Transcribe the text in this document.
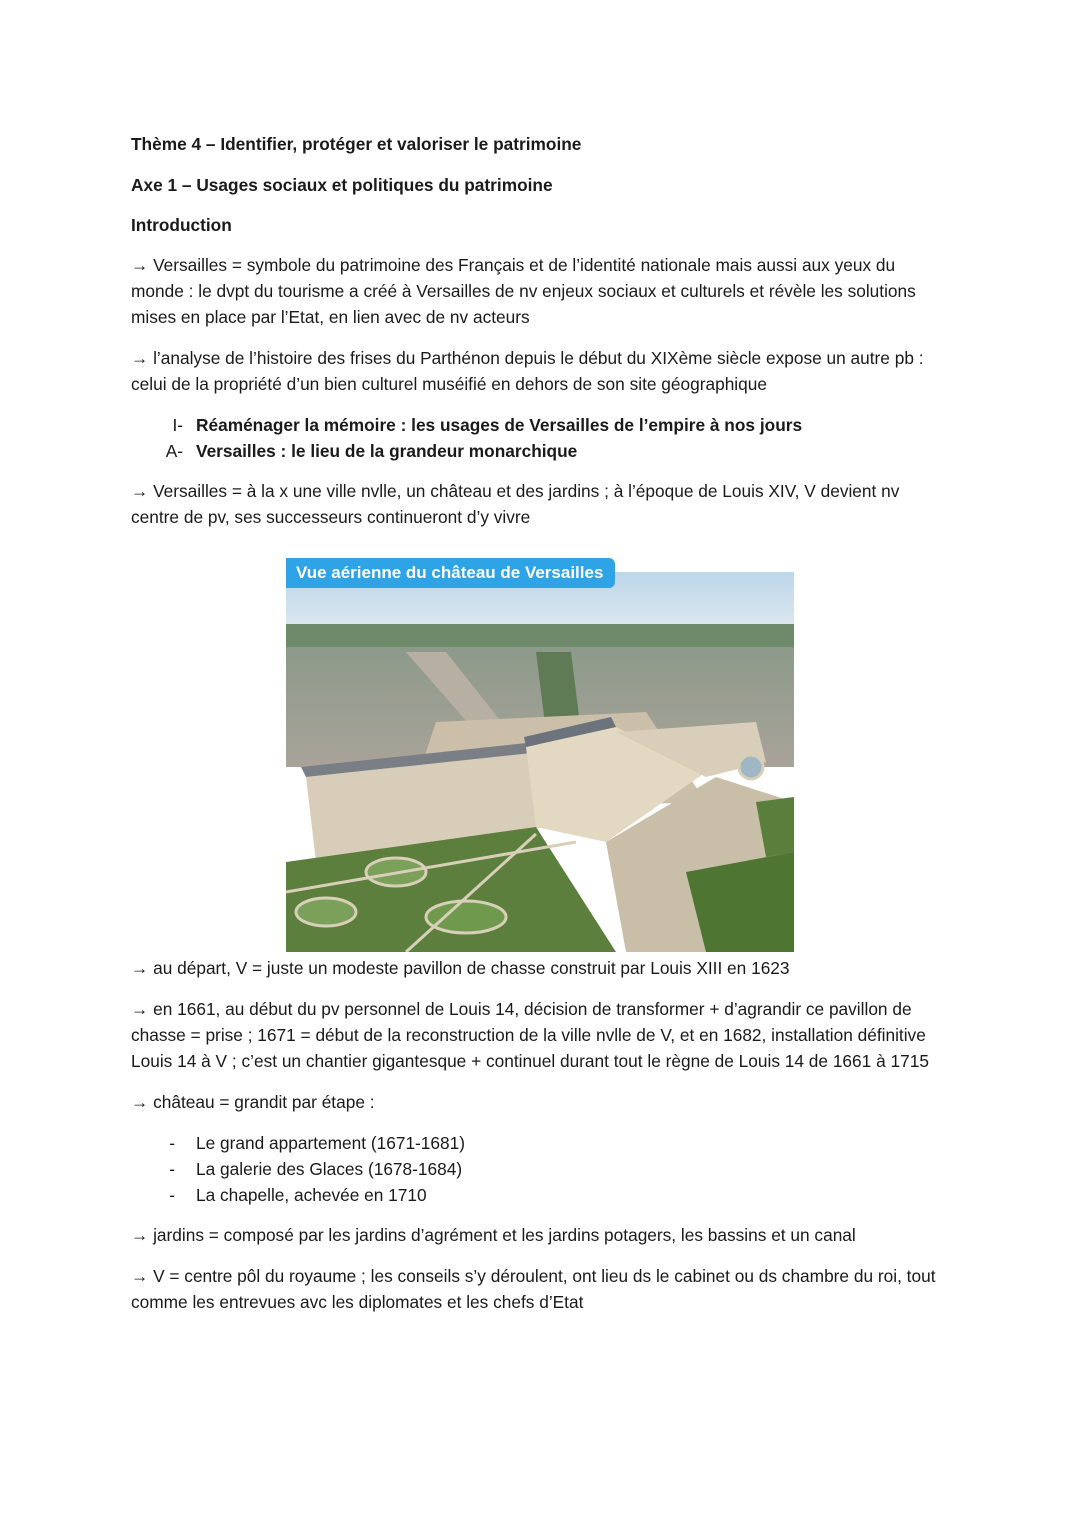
Thème 4 – Identifier, protéger et valoriser le patrimoine
Axe 1 – Usages sociaux et politiques du patrimoine
Introduction

→ Versailles = symbole du patrimoine des Français et de l’identité nationale mais aussi aux yeux du monde : le dvpt du tourisme a créé à Versailles de nv enjeux sociaux et culturels et révèle les solutions mises en place par l’Etat, en lien avec de nv acteurs

→ l’analyse de l’histoire des frises du Parthénon depuis le début du XIXème siècle expose un autre pb : celui de la propriété d’un bien culturel muséifié en dehors de son site géographique

I- Réaménager la mémoire : les usages de Versailles de l’empire à nos jours
A- Versailles : le lieu de la grandeur monarchique

→ Versailles = à la x une ville nvlle, un château et des jardins ; à l’époque de Louis XIV, V devient nv centre de pv, ses successeurs continueront d’y vivre

→ au départ, V = juste un modeste pavillon de chasse construit par Louis XIII en 1623

→ en 1661, au début du pv personnel de Louis 14, décision de transformer + d’agrandir ce pavillon de chasse = prise ; 1671 = début de la reconstruction de la ville nvlle de V, et en 1682, installation définitive Louis 14 à V ; c’est un chantier gigantesque + continuel durant tout le règne de Louis 14 de 1661 à 1715

→ château = grandit par étape :

-	Le grand appartement (1671-1681)
-	La galerie des Glaces (1678-1684)
-	La chapelle, achevée en 1710

→ jardins = composé par les jardins d’agrément et les jardins potagers, les bassins et un canal

→ V = centre pôl du royaume ; les conseils s’y déroulent, ont lieu ds le cabinet ou ds chambre du roi, tout comme les entrevues avc les diplomates et les chefs d’Etat

Vue aérienne du château de Versailles
